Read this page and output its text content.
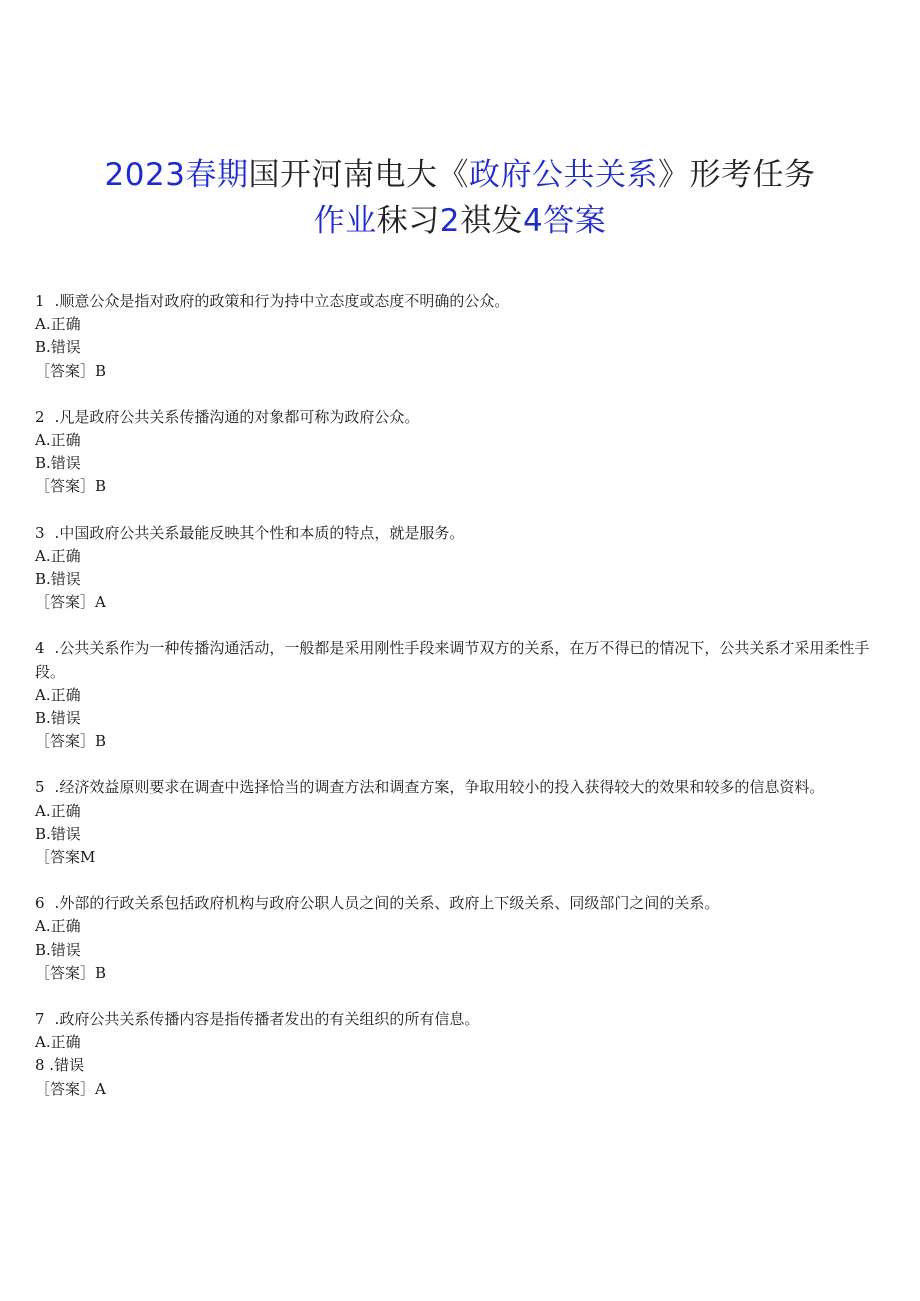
2023春期国开河南电大《政府公共关系》形考任务
作业秣习2祺发4答案
1 .顺意公众是指对政府的政策和行为持中立态度或态度不明确的公众。
A.正确
B.错误
［答案］B
2 .凡是政府公共关系传播沟通的对象都可称为政府公众。
A.正确
B.错误
［答案］B
3 .中国政府公共关系最能反映其个性和本质的特点，就是服务。
A.正确
B.错误
［答案］A
4 .公共关系作为一种传播沟通活动，一般都是采用刚性手段来调节双方的关系，在万不得已的情况下，公共关系才采用柔性手段。
A.正确
B.错误
［答案］B
5 .经济效益原则要求在调查中选择恰当的调查方法和调查方案，争取用较小的投入获得较大的效果和较多的信息资料。
A.正确
B.错误
［答案M
6 .外部的行政关系包括政府机构与政府公职人员之间的关系、政府上下级关系、同级部门之间的关系。
A.正确
B.错误
［答案］B
7 .政府公共关系传播内容是指传播者发出的有关组织的所有信息。
A.正确
8 .错误
［答案］A
